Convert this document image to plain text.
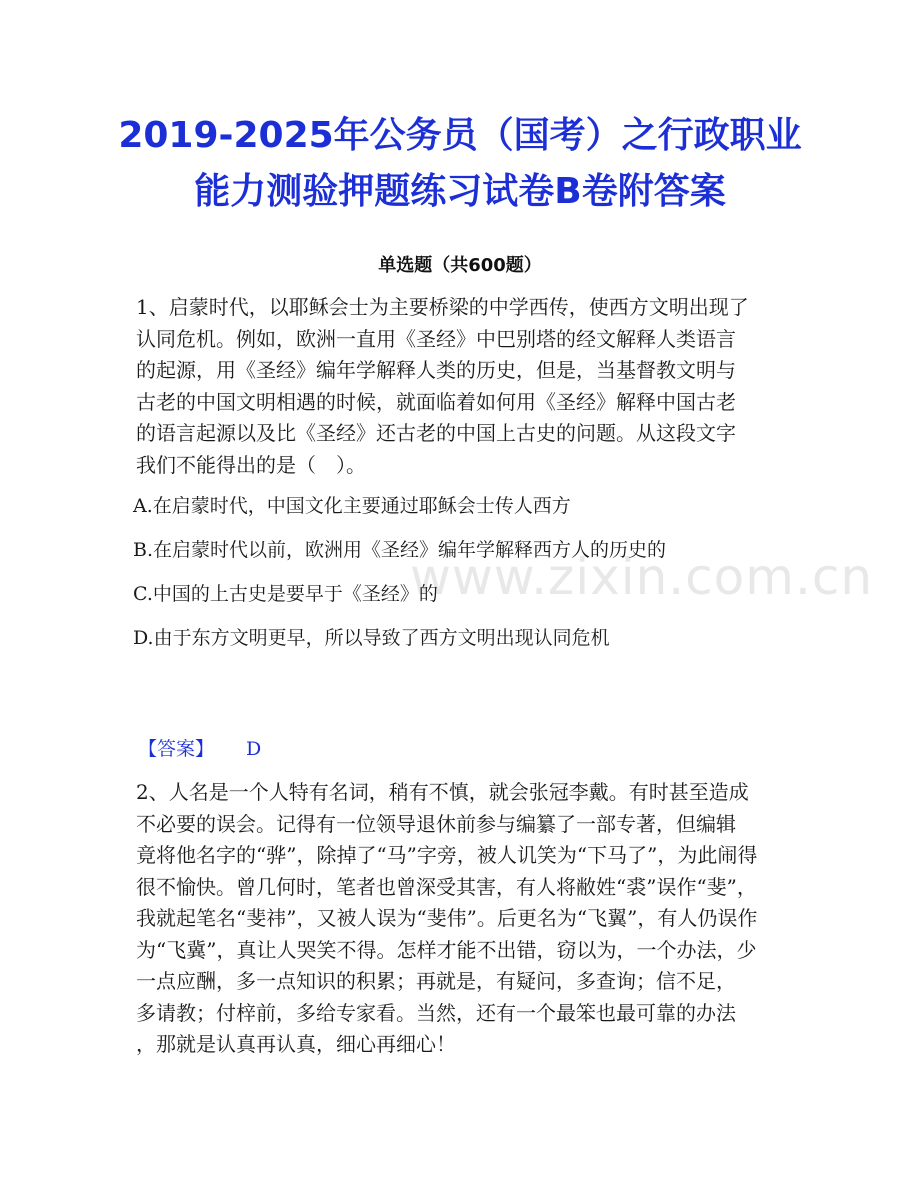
www.zixin.com.cn
2019-2025年公务员（国考）之行政职业
能力测验押题练习试卷B卷附答案
单选题（共600题）
1、启蒙时代，以耶稣会士为主要桥梁的中学西传，使西方文明出现了
认同危机。例如，欧洲一直用《圣经》中巴别塔的经文解释人类语言
的起源，用《圣经》编年学解释人类的历史，但是，当基督教文明与
古老的中国文明相遇的时候，就面临着如何用《圣经》解释中国古老
的语言起源以及比《圣经》还古老的中国上古史的问题。从这段文字
我们不能得出的是（　）。
A.在启蒙时代，中国文化主要通过耶稣会士传人西方
B.在启蒙时代以前，欧洲用《圣经》编年学解释西方人的历史的
C.中国的上古史是要早于《圣经》的
D.由于东方文明更早，所以导致了西方文明出现认同危机
【答案】 D
2、人名是一个人特有名词，稍有不慎，就会张冠李戴。有时甚至造成
不必要的误会。记得有一位领导退休前参与编纂了一部专著，但编辑
竟将他名字的“骅”，除掉了“马”字旁，被人讥笑为“下马了”，为此闹得
很不愉快。曾几何时，笔者也曾深受其害，有人将敝姓“裘”误作“斐”，
我就起笔名“斐祎”，又被人误为“斐伟”。后更名为“飞翼”，有人仍误作
为“飞冀”，真让人哭笑不得。怎样才能不出错，窃以为，一个办法，少
一点应酬，多一点知识的积累；再就是，有疑问，多查询；信不足，
多请教；付梓前，多给专家看。当然，还有一个最笨也最可靠的办法
，那就是认真再认真，细心再细心！
